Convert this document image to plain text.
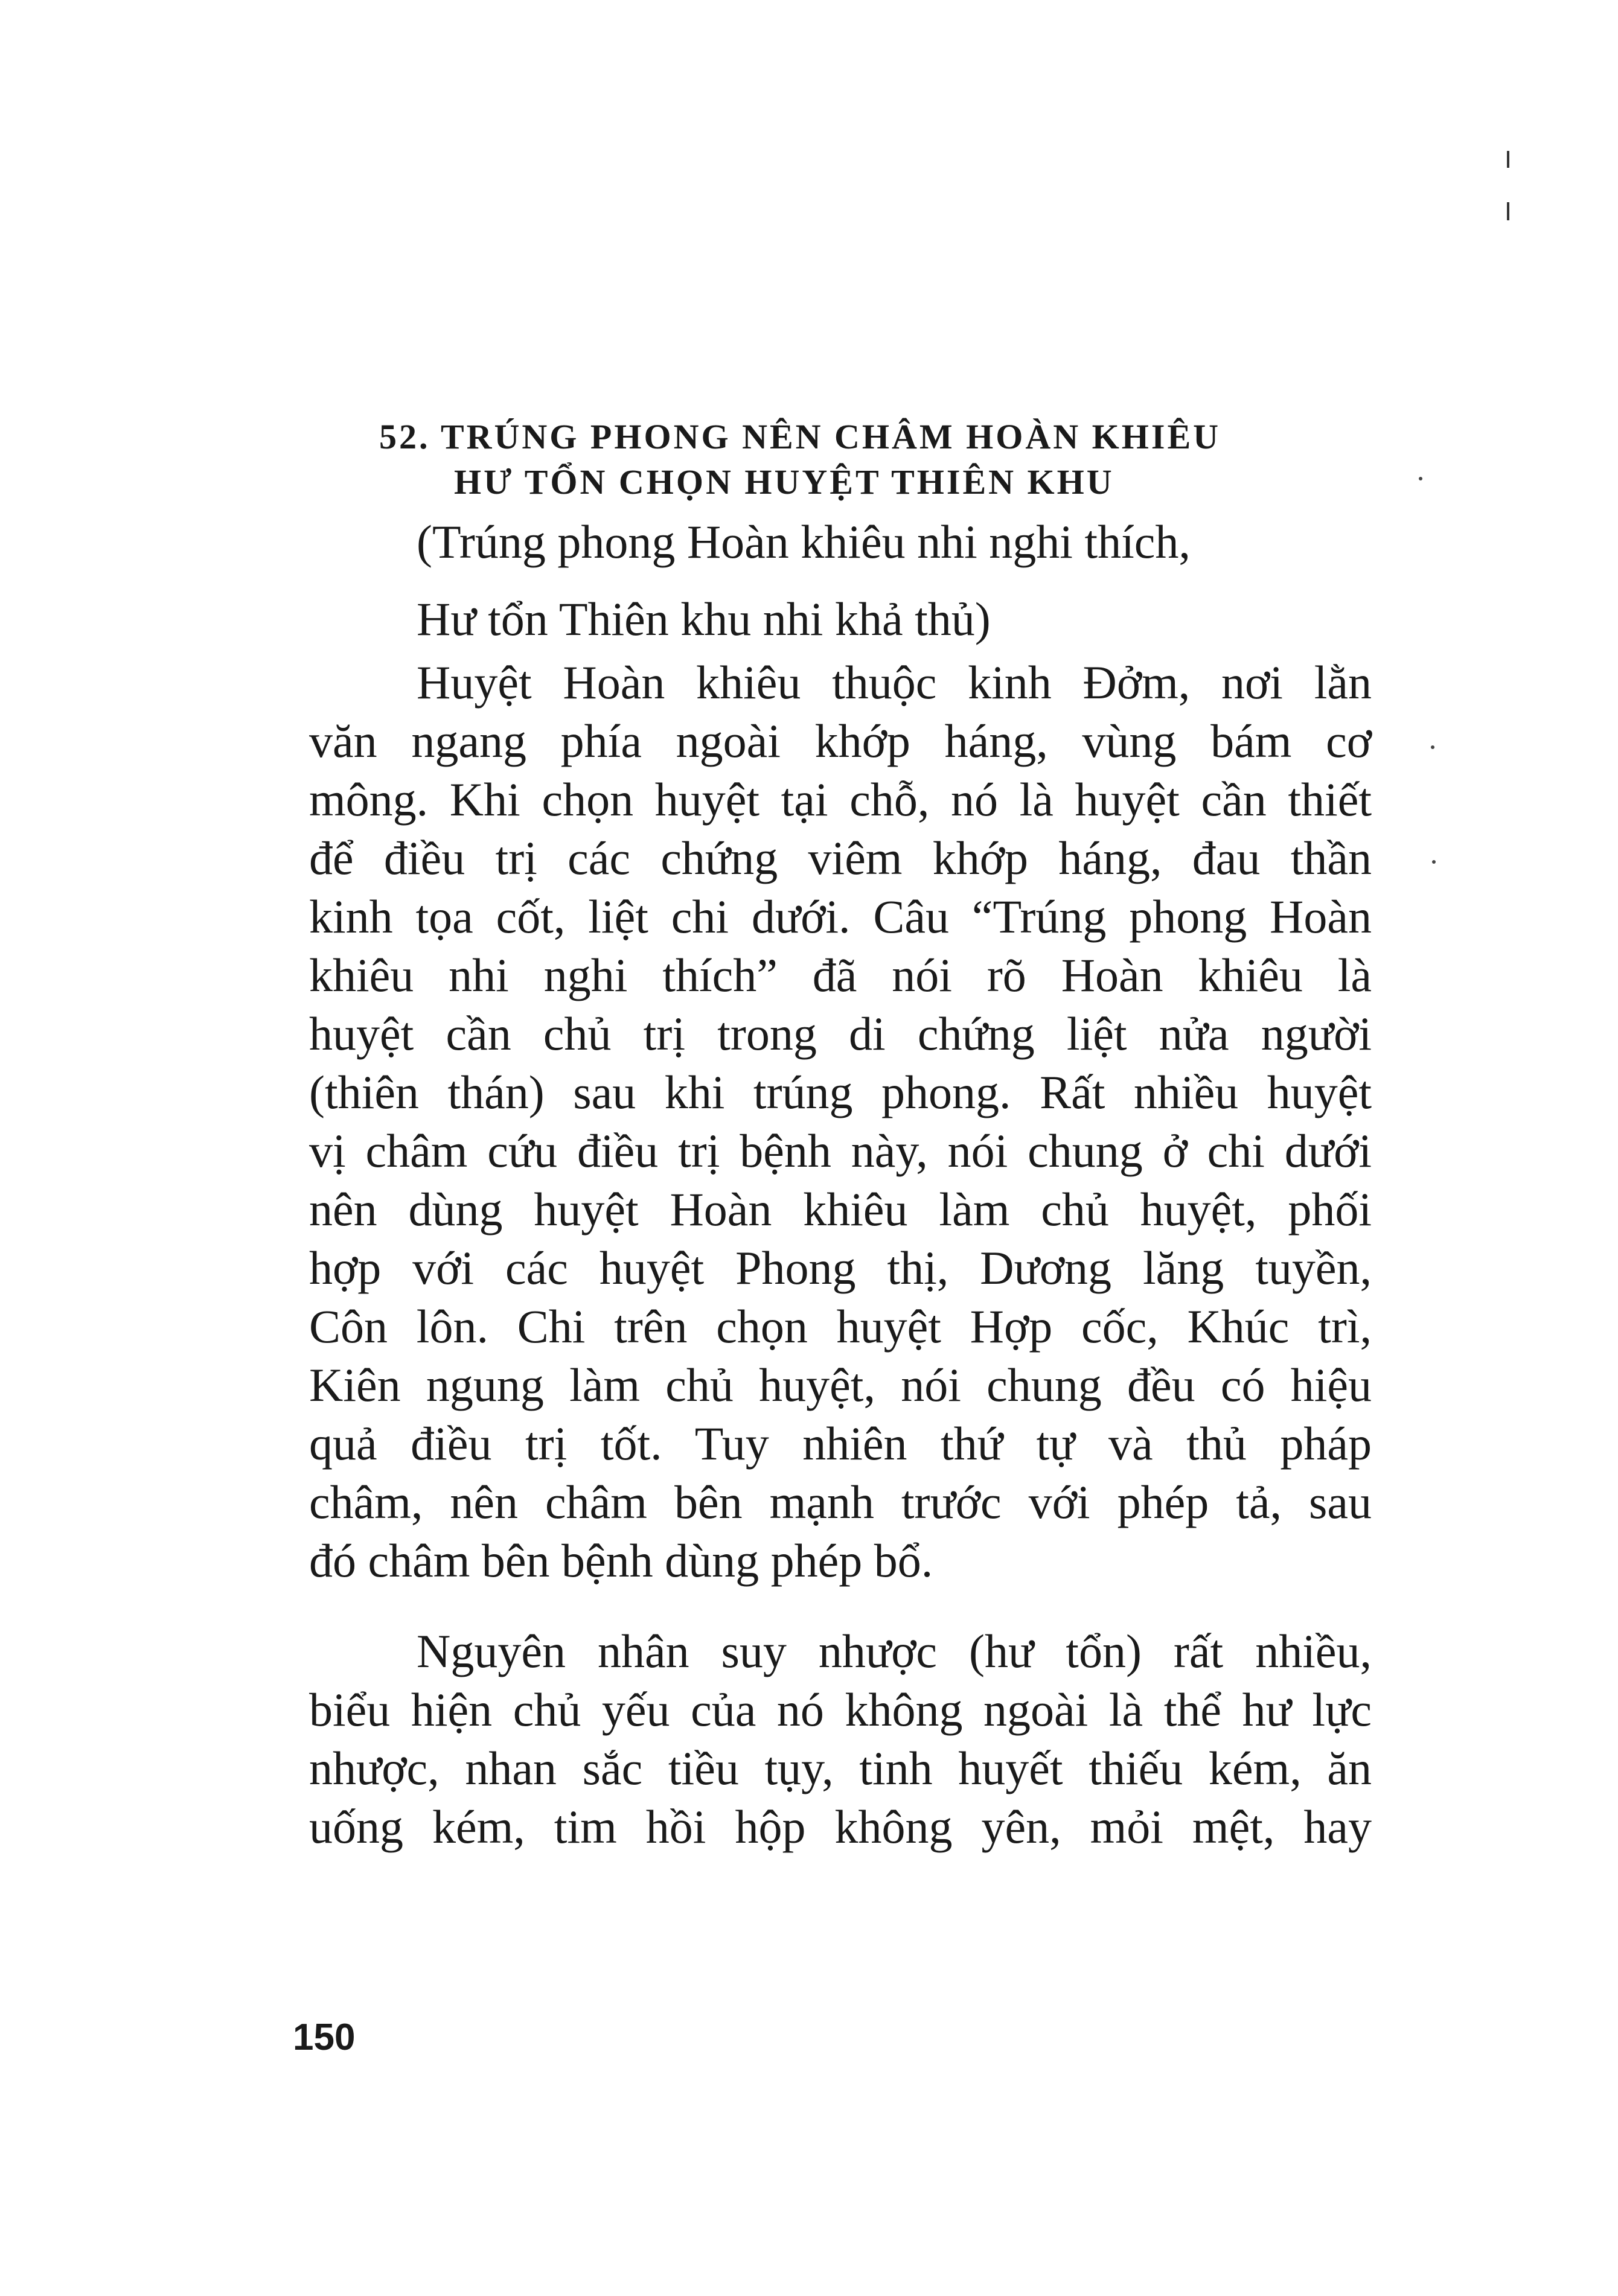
52. TRÚNG PHONG NÊN CHÂM HOÀN KHIÊU
HƯ TỔN CHỌN HUYỆT THIÊN KHU
(Trúng phong Hoàn khiêu nhi nghi thích,
Hư tổn Thiên khu nhi khả thủ)
Huyệt Hoàn khiêu thuộc kinh Đởm, nơi lằn
văn ngang phía ngoài khớp háng, vùng bám cơ
mông. Khi chọn huyệt tại chỗ, nó là huyệt cần thiết
để điều trị các chứng viêm khớp háng, đau thần
kinh tọa cốt, liệt chi dưới. Câu “Trúng phong Hoàn
khiêu nhi nghi thích” đã nói rõ Hoàn khiêu là
huyệt cần chủ trị trong di chứng liệt nửa người
(thiên thán) sau khi trúng phong. Rất nhiều huyệt
vị châm cứu điều trị bệnh này, nói chung ở chi dưới
nên dùng huyệt Hoàn khiêu làm chủ huyệt, phối
hợp với các huyệt Phong thị, Dương lăng tuyền,
Côn lôn. Chi trên chọn huyệt Hợp cốc, Khúc trì,
Kiên ngung làm chủ huyệt, nói chung đều có hiệu
quả điều trị tốt. Tuy nhiên thứ tự và thủ pháp
châm, nên châm bên mạnh trước với phép tả, sau
đó châm bên bệnh dùng phép bổ.
Nguyên nhân suy nhược (hư tổn) rất nhiều,
biểu hiện chủ yếu của nó không ngoài là thể hư lực
nhược, nhan sắc tiều tụy, tinh huyết thiếu kém, ăn
uống kém, tim hồi hộp không yên, mỏi mệt, hay
150
